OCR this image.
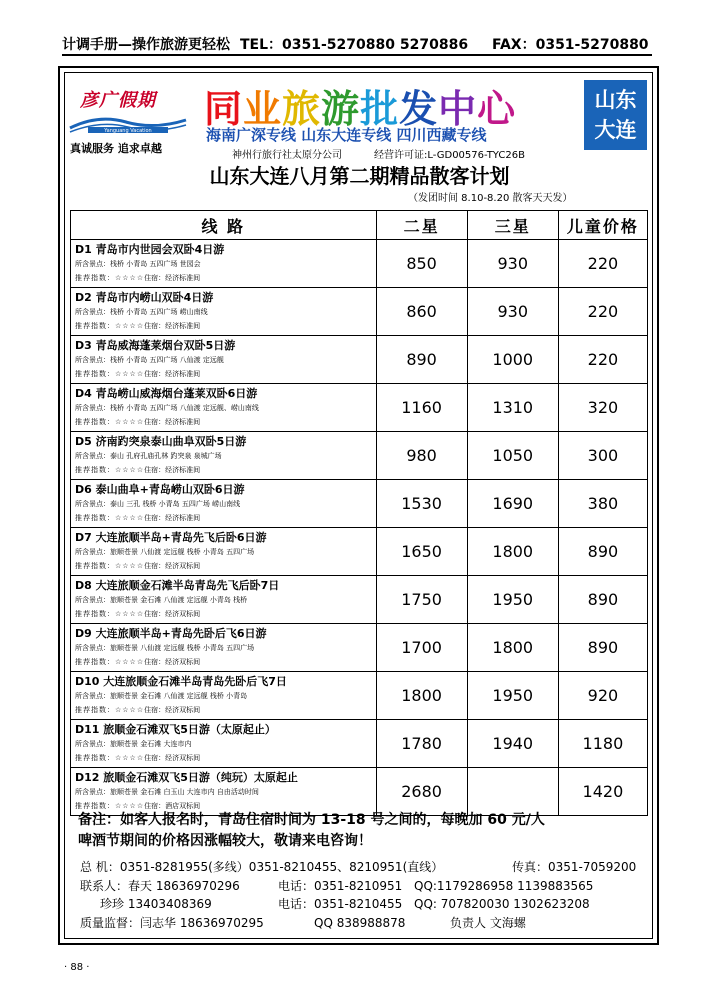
计调手册—操作旅游更轻松 TEL：0351-5270880 5270886 FAX：0351-5270880
彦广假期
Yanguang Vacation
真诚服务 追求卓越
同业旅游批发中心
海南广深专线 山东大连专线 四川西藏专线
神州行旅行社太原分公司	经营许可证:L-GD00576-TYC26B
山东
大连
山东大连八月第二期精品散客计划
（发团时间 8.10-8.20 散客天天发）
线 路	二星	三星	儿童价格

D1 青岛市内世园会双卧4日游
所含景点：栈桥 小青岛 五四广场 世园会
推荐指数：☆☆☆☆住宿：经济标准间	850	930	220

D2 青岛市内崂山双卧4日游
所含景点：栈桥 小青岛 五四广场 崂山南线
推荐指数：☆☆☆☆住宿：经济标准间	860	930	220

D3 青岛威海蓬莱烟台双卧5日游
所含景点：栈桥 小青岛 五四广场 八仙渡 定远舰
推荐指数：☆☆☆☆住宿：经济标准间	890	1000	220

D4 青岛崂山威海烟台蓬莱双卧6日游
所含景点：栈桥 小青岛 五四广场 八仙渡 定远舰、崂山南线
推荐指数：☆☆☆☆住宿：经济标准间	1160	1310	320

D5 济南趵突泉泰山曲阜双卧5日游
所含景点：泰山 孔府孔庙孔林 趵突泉 泉城广场
推荐指数：☆☆☆☆住宿：经济标准间	980	1050	300

D6 泰山曲阜+青岛崂山双卧6日游
所含景点：泰山 三孔 栈桥 小青岛 五四广场 崂山南线
推荐指数：☆☆☆☆住宿：经济标准间	1530	1690	380

D7 大连旅顺半岛+青岛先飞后卧6日游
所含景点：旅顺苍景 八仙渡 定远舰 栈桥 小青岛 五四广场
推荐指数：☆☆☆☆住宿：经济双标间	1650	1800	890

D8 大连旅顺金石滩半岛青岛先飞后卧7日
所含景点：旅顺苍景 金石滩 八仙渡 定远舰 小青岛 栈桥
推荐指数：☆☆☆☆住宿：经济双标间	1750	1950	890

D9 大连旅顺半岛+青岛先卧后飞6日游
所含景点：旅顺苍景 八仙渡 定远舰 栈桥 小青岛 五四广场
推荐指数：☆☆☆☆住宿：经济双标间	1700	1800	890

D10 大连旅顺金石滩半岛青岛先卧后飞7日
所含景点：旅顺苍景 金石滩 八仙渡 定远舰 栈桥 小青岛
推荐指数：☆☆☆☆住宿：经济双标间	1800	1950	920

D11 旅顺金石滩双飞5日游（太原起止）
所含景点：旅顺苍景 金石滩 大连市内
推荐指数：☆☆☆☆住宿：经济双标间	1780	1940	1180

D12 旅顺金石滩双飞5日游（纯玩）太原起止
所含景点：旅顺苍景 金石滩 白玉山 大连市内 自由活动时间
推荐指数：☆☆☆☆住宿：酒店双标间	2680		1420
备注：如客人报名时，青岛住宿时间为 13-18 号之间的，每晚加 60 元/人
啤酒节期间的价格因涨幅较大，敬请来电咨询！
总 机：0351-8281955(多线）0351-8210455、8210951(直线）	传真：0351-7059200
联系人：春天 18636970296	电话：0351-8210951 QQ:1179286958 1139883565
珍珍 13403408369	电话：0351-8210455 QQ: 707820030 1302623208
质量监督：闫志华 18636970295	QQ 838988878	负责人 文海螺
· 88 ·
